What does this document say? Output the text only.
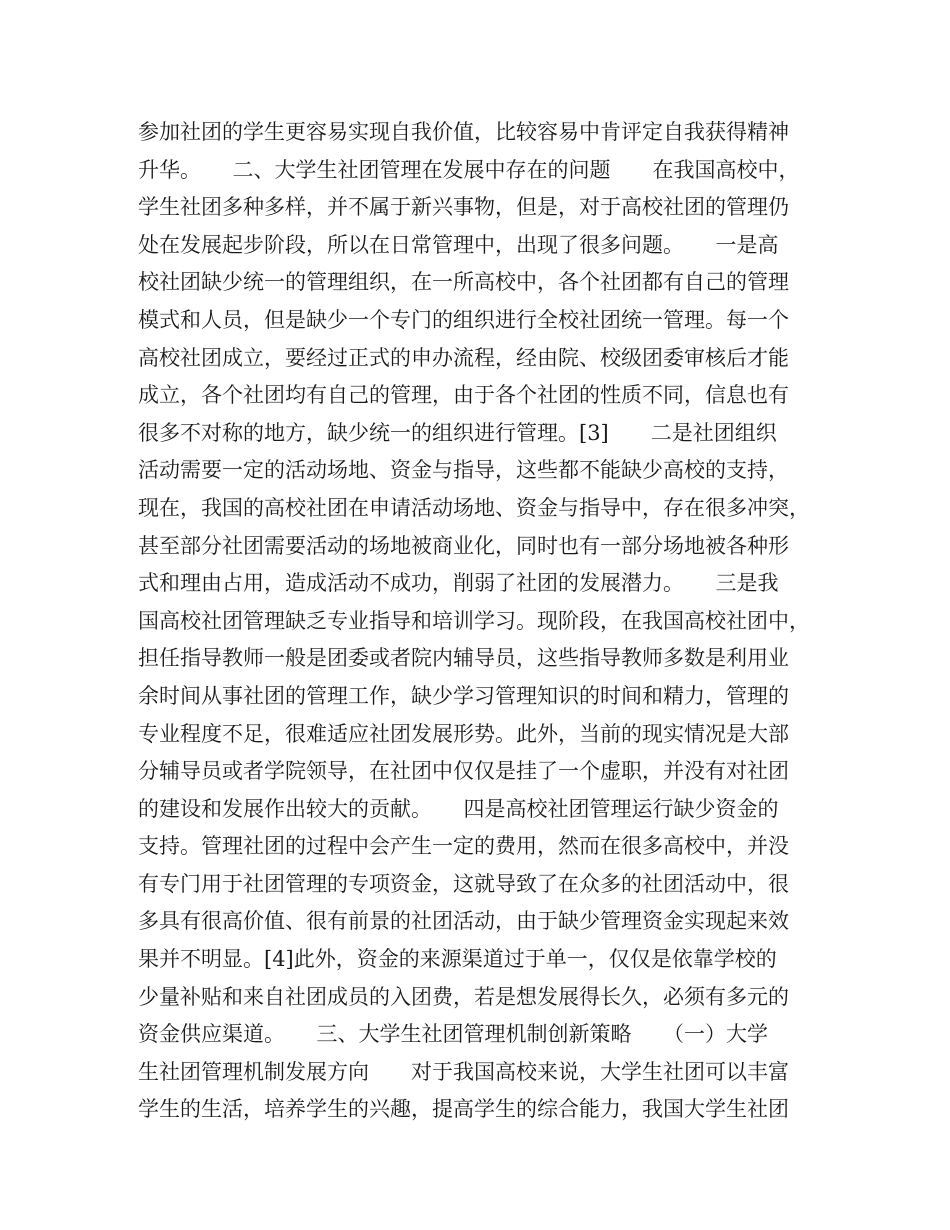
参加社团的学生更容易实现自我价值，比较容易中肯评定自我获得精神
升华。　　二、大学生社团管理在发展中存在的问题　　在我国高校中，
学生社团多种多样，并不属于新兴事物，但是，对于高校社团的管理仍
处在发展起步阶段，所以在日常管理中，出现了很多问题。　　一是高
校社团缺少统一的管理组织，在一所高校中，各个社团都有自己的管理
模式和人员，但是缺少一个专门的组织进行全校社团统一管理。每一个
高校社团成立，要经过正式的申办流程，经由院、校级团委审核后才能
成立，各个社团均有自己的管理，由于各个社团的性质不同，信息也有
很多不对称的地方，缺少统一的组织进行管理。[3]　　二是社团组织
活动需要一定的活动场地、资金与指导，这些都不能缺少高校的支持，
现在，我国的高校社团在申请活动场地、资金与指导中，存在很多冲突，
甚至部分社团需要活动的场地被商业化，同时也有一部分场地被各种形
式和理由占用，造成活动不成功，削弱了社团的发展潜力。　　三是我
国高校社团管理缺乏专业指导和培训学习。现阶段，在我国高校社团中，
担任指导教师一般是团委或者院内辅导员，这些指导教师多数是利用业
余时间从事社团的管理工作，缺少学习管理知识的时间和精力，管理的
专业程度不足，很难适应社团发展形势。此外，当前的现实情况是大部
分辅导员或者学院领导，在社团中仅仅是挂了一个虚职，并没有对社团
的建设和发展作出较大的贡献。　　四是高校社团管理运行缺少资金的
支持。管理社团的过程中会产生一定的费用，然而在很多高校中，并没
有专门用于社团管理的专项资金，这就导致了在众多的社团活动中，很
多具有很高价值、很有前景的社团活动，由于缺少管理资金实现起来效
果并不明显。[4]此外，资金的来源渠道过于单一，仅仅是依靠学校的
少量补贴和来自社团成员的入团费，若是想发展得长久，必须有多元的
资金供应渠道。　　三、大学生社团管理机制创新策略　　（一）大学
生社团管理机制发展方向　　对于我国高校来说，大学生社团可以丰富
学生的生活，培养学生的兴趣，提高学生的综合能力，我国大学生社团
